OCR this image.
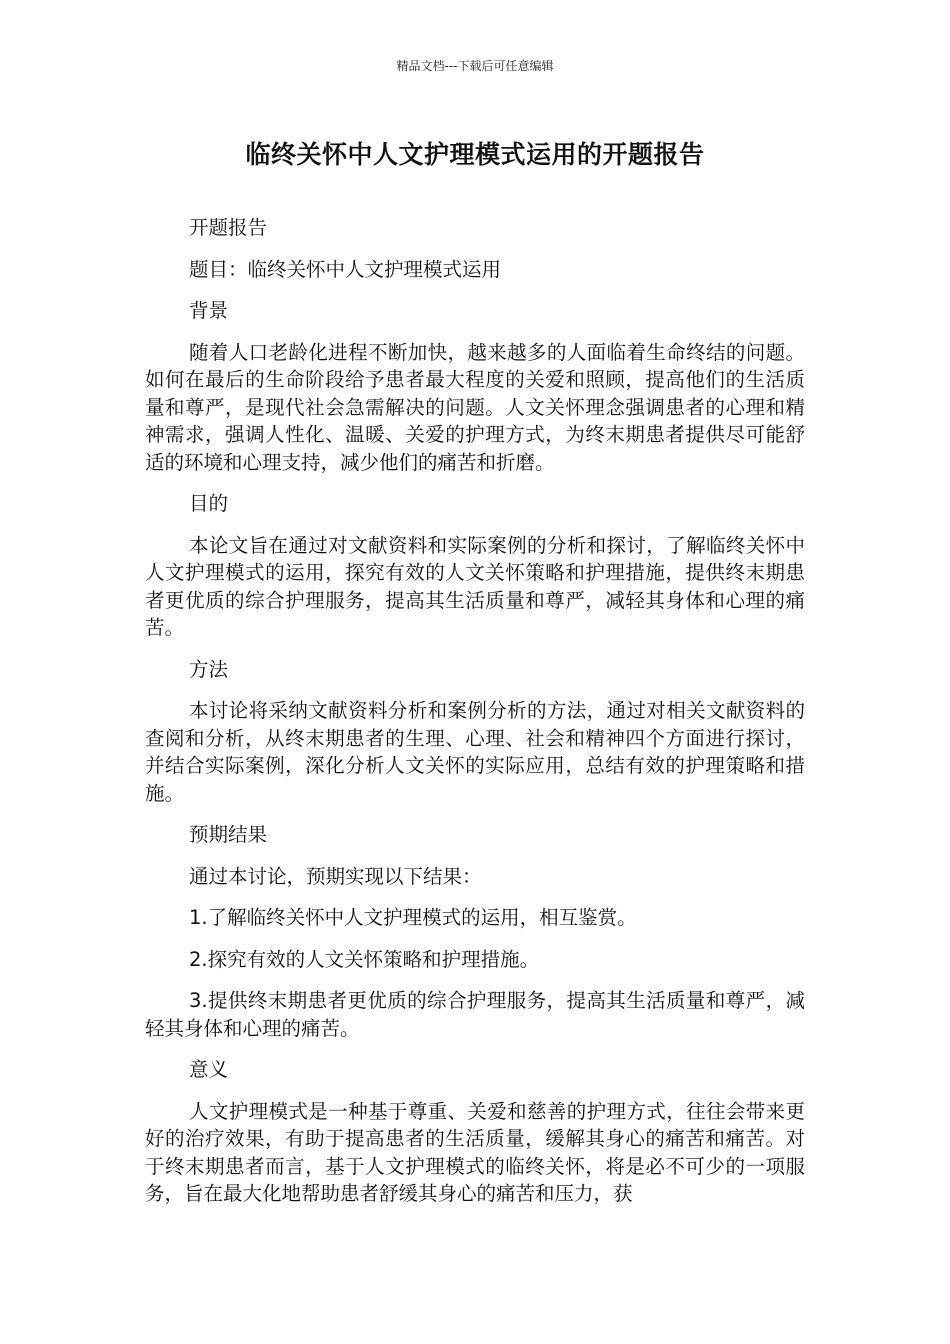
精品文档---下载后可任意编辑
临终关怀中人文护理模式运用的开题报告

开题报告

题目：临终关怀中人文护理模式运用

背景

随着人口老龄化进程不断加快，越来越多的人面临着生命终结的问题。如何在最后的生命阶段给予患者最大程度的关爱和照顾，提高他们的生活质量和尊严，是现代社会急需解决的问题。人文关怀理念强调患者的心理和精神需求，强调人性化、温暖、关爱的护理方式，为终末期患者提供尽可能舒适的环境和心理支持，减少他们的痛苦和折磨。

目的

本论文旨在通过对文献资料和实际案例的分析和探讨，了解临终关怀中人文护理模式的运用，探究有效的人文关怀策略和护理措施，提供终末期患者更优质的综合护理服务，提高其生活质量和尊严，减轻其身体和心理的痛苦。

方法

本讨论将采纳文献资料分析和案例分析的方法，通过对相关文献资料的查阅和分析，从终末期患者的生理、心理、社会和精神四个方面进行探讨，并结合实际案例，深化分析人文关怀的实际应用，总结有效的护理策略和措施。

预期结果

通过本讨论，预期实现以下结果：

1.了解临终关怀中人文护理模式的运用，相互鉴赏。

2.探究有效的人文关怀策略和护理措施。

3.提供终末期患者更优质的综合护理服务，提高其生活质量和尊严，减轻其身体和心理的痛苦。

意义

人文护理模式是一种基于尊重、关爱和慈善的护理方式，往往会带来更好的治疗效果，有助于提高患者的生活质量，缓解其身心的痛苦和痛苦。对于终末期患者而言，基于人文护理模式的临终关怀，将是必不可少的一项服务，旨在最大化地帮助患者舒缓其身心的痛苦和压力，获
